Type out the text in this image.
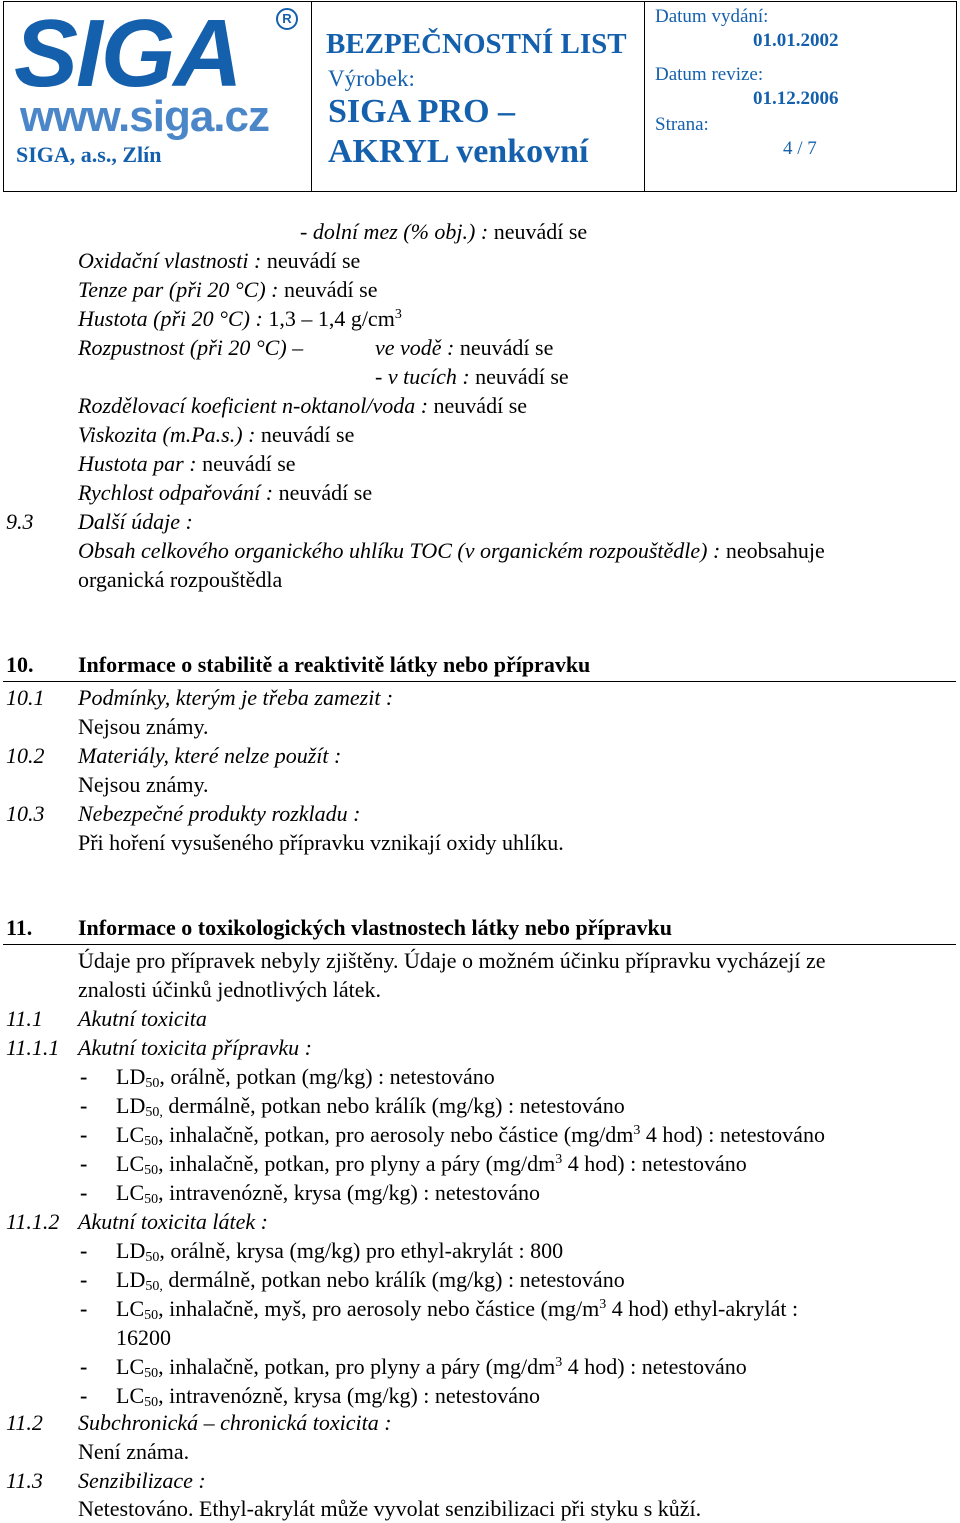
SIGA	R
www.siga.cz
SIGA, a.s., Zlín
BEZPEČNOSTNÍ LIST
Výrobek:
SIGA PRO –
AKRYL venkovní
Datum vydání:
01.01.2002
Datum revize:
01.12.2006
Strana:
4 / 7
- dolní mez (% obj.) : neuvádí se
Oxidační vlastnosti : neuvádí se
Tenze par (při 20 °C) : neuvádí se
Hustota (při 20 °C) : 1,3 – 1,4 $g/cm^3$
Rozpustnost (při 20 °C) –	ve vodě : neuvádí se
- v tucích : neuvádí se
Rozdělovací koeficient n-oktanol/voda : neuvádí se
Viskozita (m.Pa.s.) : neuvádí se
Hustota par : neuvádí se
Rychlost odpařování : neuvádí se
9.3 Další údaje :
Obsah celkového organického uhlíku TOC (v organickém rozpouštědle) : neobsahuje
organická rozpouštědla
10. Informace o stabilitě a reaktivitě látky nebo přípravku
10.1 Podmínky, kterým je třeba zamezit :
Nejsou známy.
10.2 Materiály, které nelze použít :
Nejsou známy.
10.3 Nebezpečné produkty rozkladu :
Při hoření vysušeného přípravku vznikají oxidy uhlíku.
11. Informace o toxikologických vlastnostech látky nebo přípravku
Údaje pro přípravek nebyly zjištěny. Údaje o možném účinku přípravku vycházejí ze
znalosti účinků jednotlivých látek.
11.1 Akutní toxicita
11.1.1 Akutní toxicita přípravku :
- $LD_{50}$, orálně, potkan (mg/kg) : netestováno
- $LD_{50,}$ dermálně, potkan nebo králík (mg/kg) : netestováno
- $LC_{50}$, inhalačně, potkan, pro aerosoly nebo částice ($mg/dm^3$ 4 hod) : netestováno
- $LC_{50}$, inhalačně, potkan, pro plyny a páry ($mg/dm^3$ 4 hod) : netestováno
- $LC_{50}$, intravenózně, krysa (mg/kg) : netestováno
11.1.2 Akutní toxicita látek :
- $LD_{50}$, orálně, krysa (mg/kg) pro ethyl-akrylát : 800
- $LD_{50,}$ dermálně, potkan nebo králík (mg/kg) : netestováno
- $LC_{50}$, inhalačně, myš, pro aerosoly nebo částice ($mg/m^3$ 4 hod) ethyl-akrylát :
16200
- $LC_{50}$, inhalačně, potkan, pro plyny a páry ($mg/dm^3$ 4 hod) : netestováno
- $LC_{50}$, intravenózně, krysa (mg/kg) : netestováno
11.2 Subchronická – chronická toxicita :
Není známa.
11.3 Senzibilizace :
Netestováno. Ethyl-akrylát může vyvolat senzibilizaci při styku s kůží.
